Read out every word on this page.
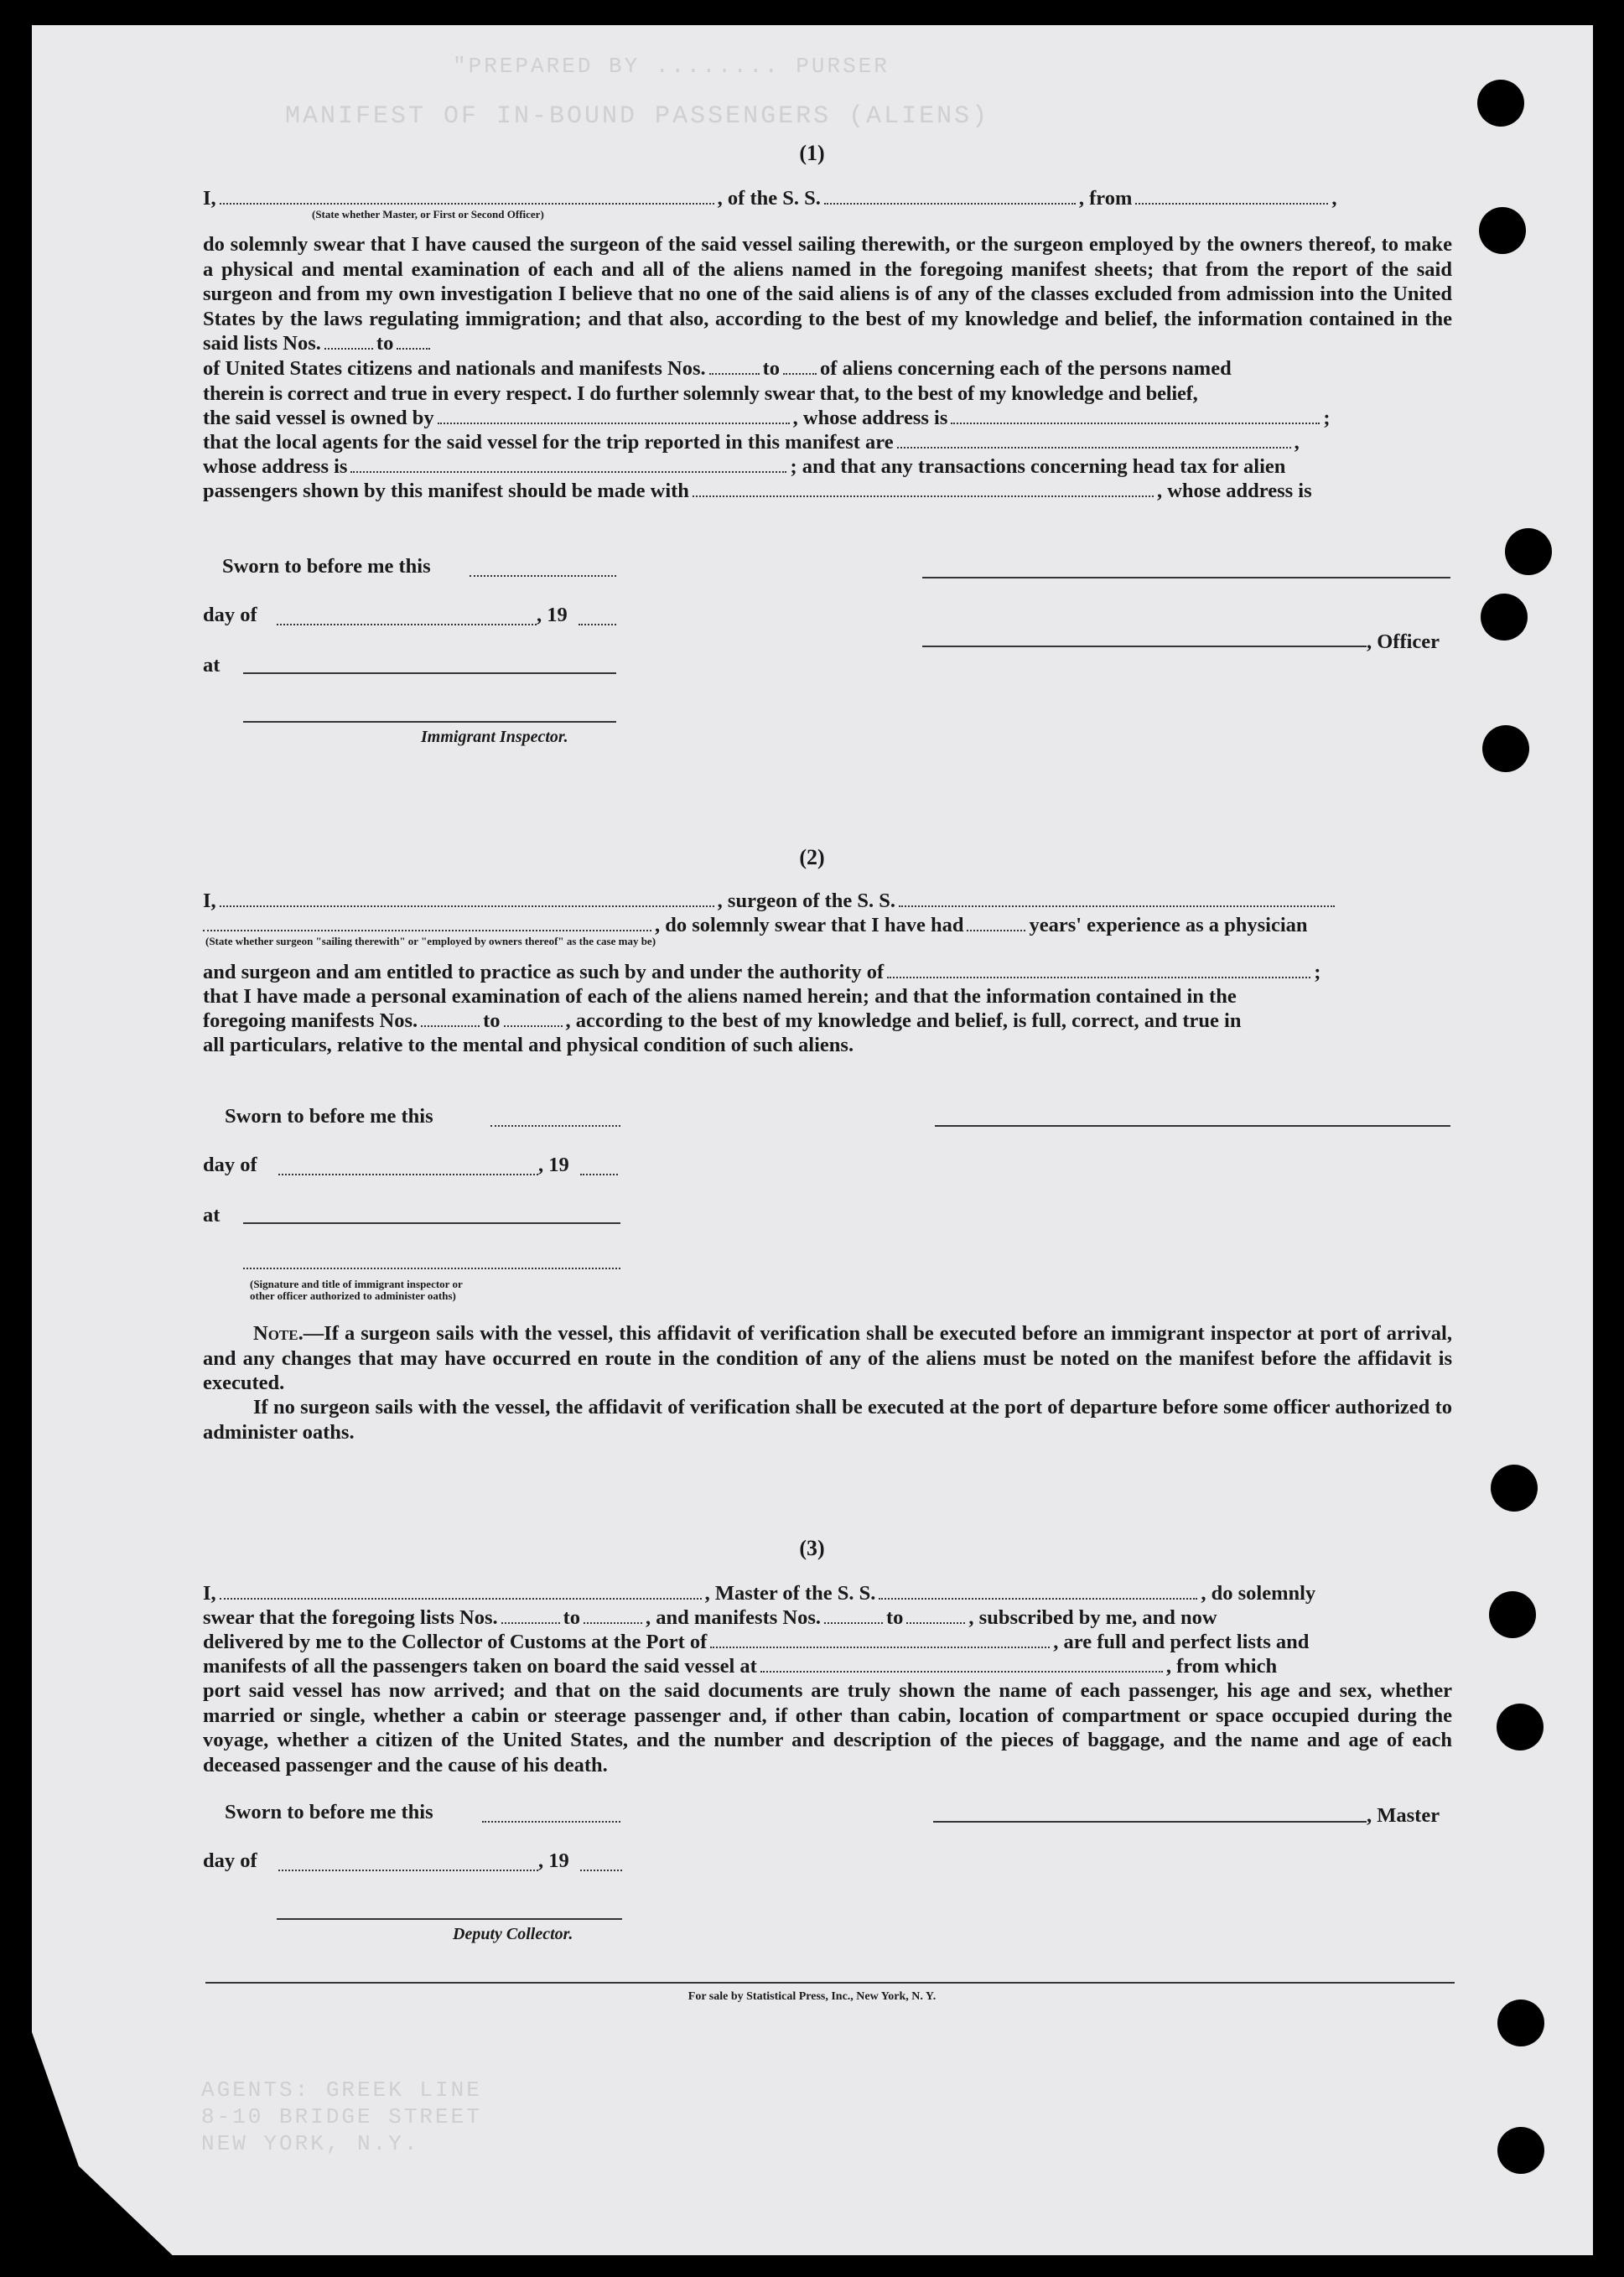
"PREPARED BY ........ PURSER
MANIFEST OF IN-BOUND PASSENGERS (ALIENS)
AGENTS: GREEK LINE
8-10 BRIDGE STREET
NEW YORK, N.Y.
(1)
I,	, of the S. S.	, from	,
(State whether Master, or First or Second Officer)
do solemnly swear that I have caused the surgeon of the said vessel sailing therewith, or the surgeon employed by the owners thereof, to make a physical and mental examination of each and all of the aliens named in the foregoing manifest sheets; that from the report of the said surgeon and from my own investigation I believe that no one of the said aliens is of any of the classes excluded from admission into the United States by the laws regulating immigration; and that also, according to the best of my knowledge and belief, the information contained in the said lists Nos.	to
of United States citizens and nationals and manifests Nos.	to of aliens concerning each of the persons named
therein is correct and true in every respect. I do further solemnly swear that, to the best of my knowledge and belief,
the said vessel is owned by	, whose address is	;
that the local agents for the said vessel for the trip reported in this manifest are	,
whose address is	; and that any transactions concerning head tax for alien
passengers shown by this manifest should be made with	, whose address is
Sworn to before me this
day of	, 19
, Officer
at
Immigrant Inspector.
(2)
I,	, surgeon of the S. S.
, do solemnly swear that I have had	years' experience as a physician
(State whether surgeon "sailing therewith" or "employed by owners thereof" as the case may be)
and surgeon and am entitled to practice as such by and under the authority of	;
that I have made a personal examination of each of the aliens named herein; and that the information contained in the
foregoing manifests Nos.	to	, according to the best of my knowledge and belief, is full, correct, and true in
all particulars, relative to the mental and physical condition of such aliens.
Sworn to before me this
day of	, 19
at
(Signature and title of immigrant inspector or
other officer authorized to administer oaths)
Note.—If a surgeon sails with the vessel, this affidavit of verification shall be executed before an immigrant inspector at port of arrival, and any changes that may have occurred en route in the condition of any of the aliens must be noted on the manifest before the affidavit is executed.
If no surgeon sails with the vessel, the affidavit of verification shall be executed at the port of departure before some officer authorized to administer oaths.
(3)
I,	, Master of the S. S.	, do solemnly
swear that the foregoing lists Nos.	to	, and manifests Nos.	to	, subscribed by me, and now
delivered by me to the Collector of Customs at the Port of	, are full and perfect lists and
manifests of all the passengers taken on board the said vessel at	, from which
port said vessel has now arrived; and that on the said documents are truly shown the name of each passenger, his age and sex, whether married or single, whether a cabin or steerage passenger and, if other than cabin, location of compartment or space occupied during the voyage, whether a citizen of the United States, and the number and description of the pieces of baggage, and the name and age of each deceased passenger and the cause of his death.
Sworn to before me this	, Master
day of	, 19
Deputy Collector.
For sale by Statistical Press, Inc., New York, N. Y.
